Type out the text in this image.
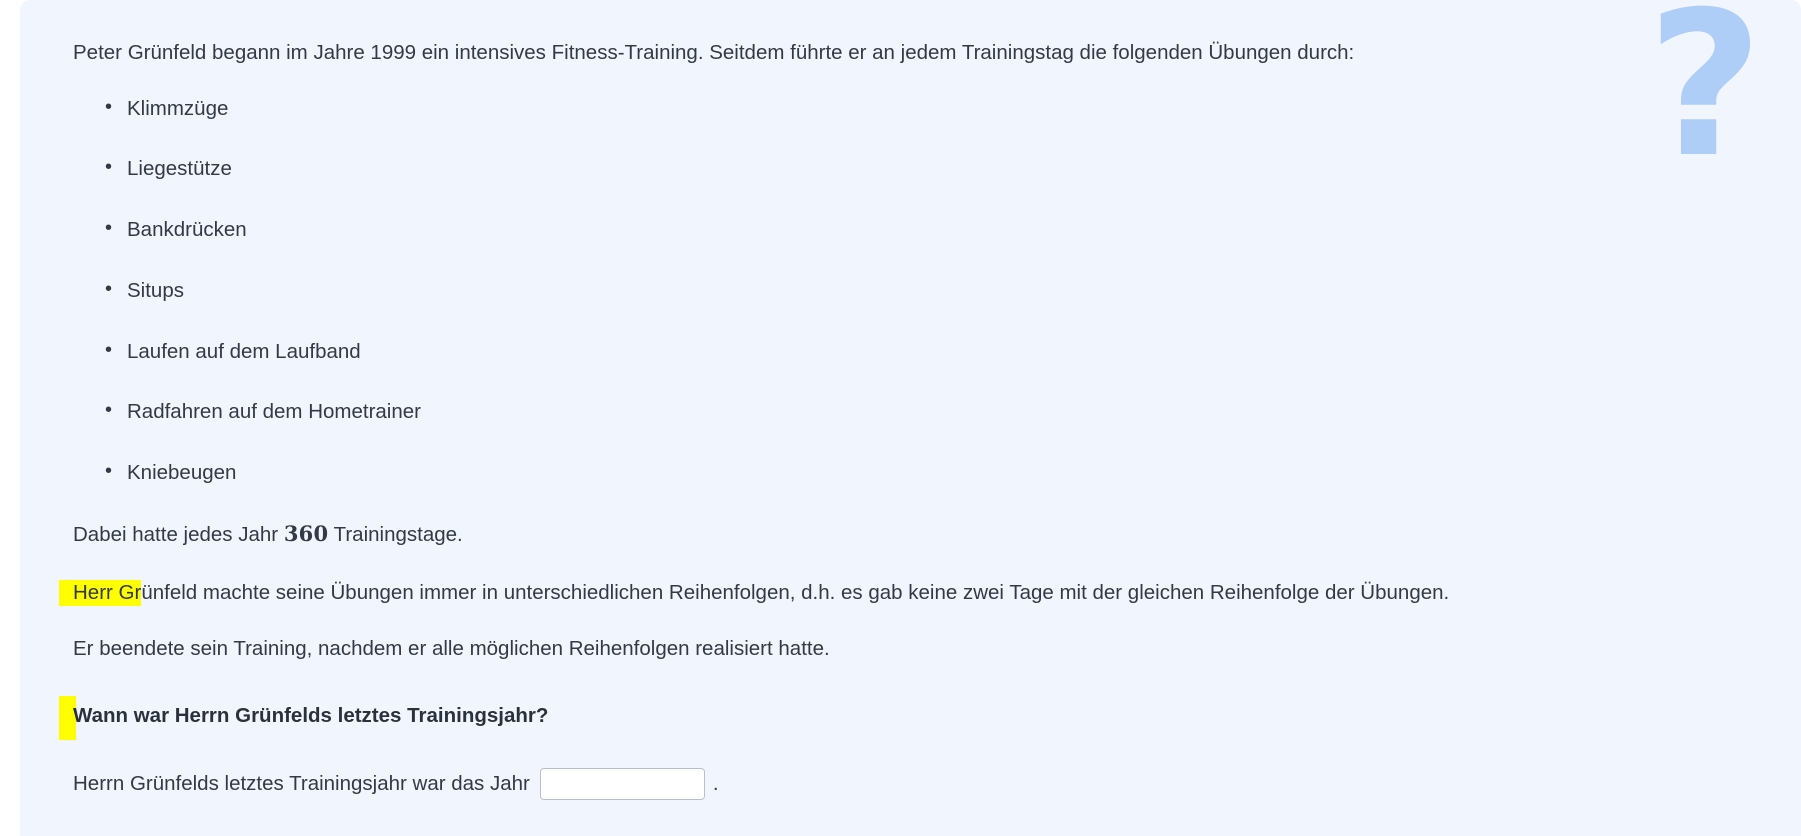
?

Peter Grünfeld begann im Jahre 1999 ein intensives Fitness-Training. Seitdem führte er an jedem Trainingstag die folgenden Übungen durch:

• Klimmzüge
• Liegestütze
• Bankdrücken
• Situps
• Laufen auf dem Laufband
• Radfahren auf dem Hometrainer
• Kniebeugen

Dabei hatte jedes Jahr 360 Trainingstage.

Herr Grünfeld machte seine Übungen immer in unterschiedlichen Reihenfolgen, d.h. es gab keine zwei Tage mit der gleichen Reihenfolge der Übungen.

Er beendete sein Training, nachdem er alle möglichen Reihenfolgen realisiert hatte.

Wann war Herrn Grünfelds letztes Trainingsjahr?

Herrn Grünfelds letztes Trainingsjahr war das Jahr	.
